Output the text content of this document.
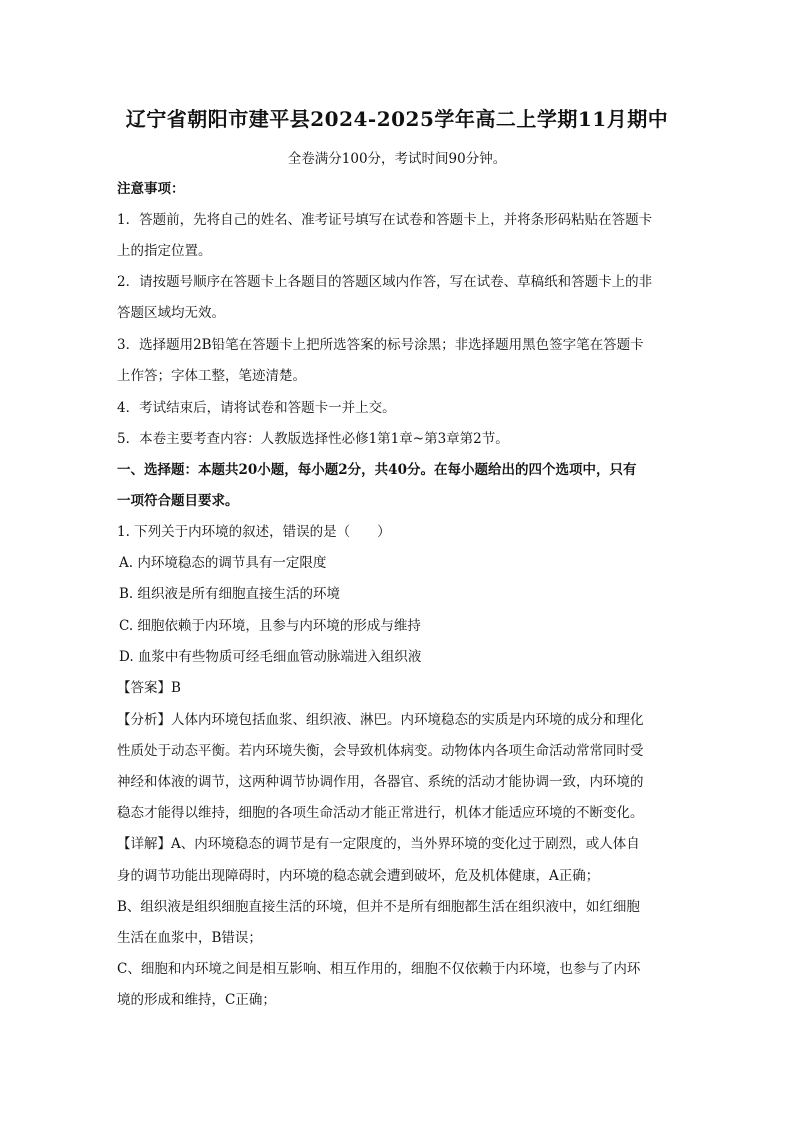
辽宁省朝阳市建平县2024-2025学年高二上学期11月期中
全卷满分100分，考试时间90分钟。
注意事项：
1．答题前，先将自己的姓名、准考证号填写在试卷和答题卡上，并将条形码粘贴在答题卡
上的指定位置。
2．请按题号顺序在答题卡上各题目的答题区域内作答，写在试卷、草稿纸和答题卡上的非
答题区域均无效。
3．选择题用2B铅笔在答题卡上把所选答案的标号涂黑；非选择题用黑色签字笔在答题卡
上作答；字体工整，笔迹清楚。
4．考试结束后，请将试卷和答题卡一并上交。
5．本卷主要考查内容：人教版选择性必修1第1章~第3章第2节。
一、选择题：本题共20小题，每小题2分，共40分。在每小题给出的四个选项中，只有
一项符合题目要求。
1. 下列关于内环境的叙述，错误的是（　　）
A. 内环境稳态的调节具有一定限度
B. 组织液是所有细胞直接生活的环境
C. 细胞依赖于内环境，且参与内环境的形成与维持
D. 血浆中有些物质可经毛细血管动脉端进入组织液
【答案】B
【分析】人体内环境包括血浆、组织液、淋巴。内环境稳态的实质是内环境的成分和理化
性质处于动态平衡。若内环境失衡，会导致机体病变。动物体内各项生命活动常常同时受
神经和体液的调节，这两种调节协调作用，各器官、系统的活动才能协调一致，内环境的
稳态才能得以维持，细胞的各项生命活动才能正常进行，机体才能适应环境的不断变化。
【详解】A、内环境稳态的调节是有一定限度的，当外界环境的变化过于剧烈，或人体自
身的调节功能出现障碍时，内环境的稳态就会遭到破坏，危及机体健康，A正确；
B、组织液是组织细胞直接生活的环境，但并不是所有细胞都生活在组织液中，如红细胞
生活在血浆中，B错误；
C、细胞和内环境之间是相互影响、相互作用的，细胞不仅依赖于内环境，也参与了内环
境的形成和维持，C正确；
